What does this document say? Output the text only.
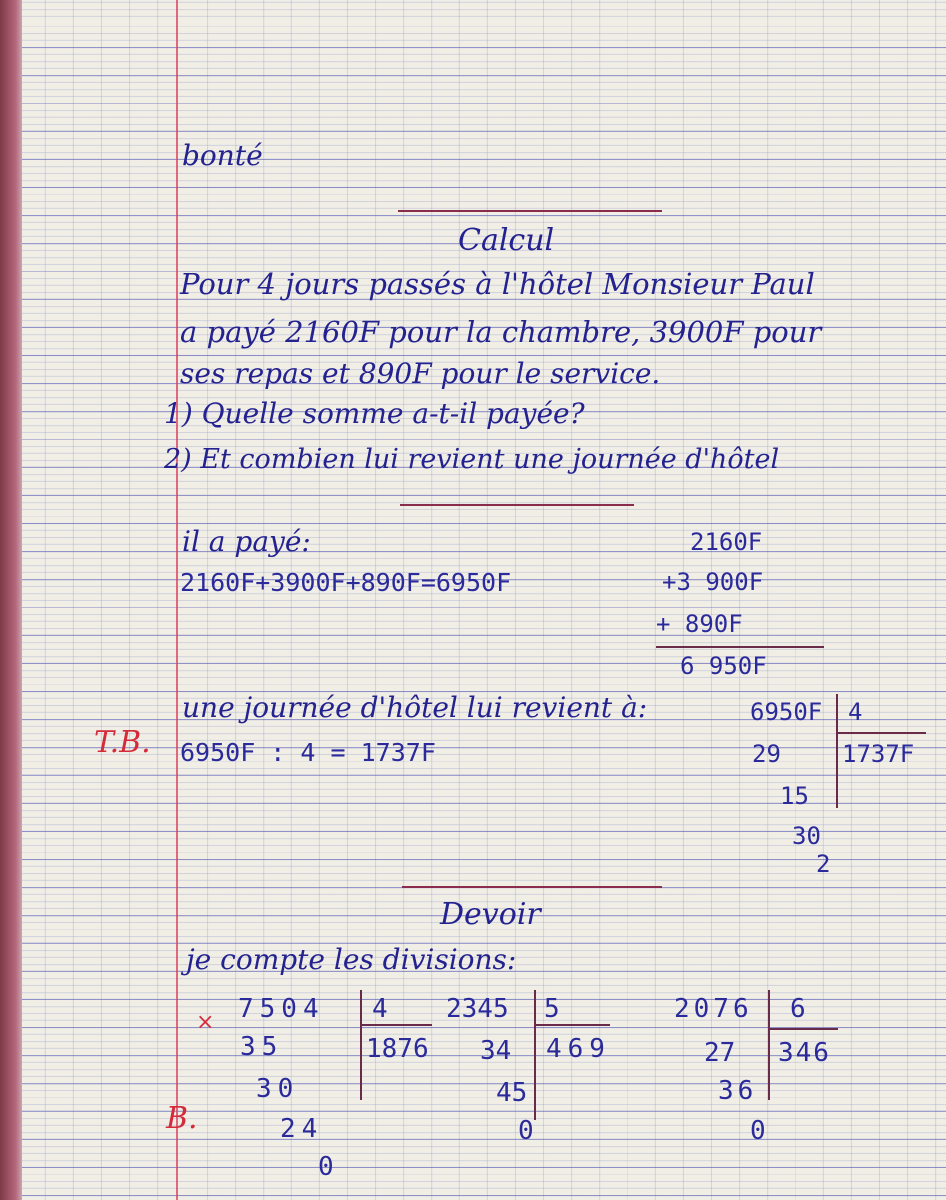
bonté

Calcul

Pour 4 jours passés à l'hôtel Monsieur Paul

a payé 2160F pour la chambre, 3900F pour

ses repas et 890F pour le service.

1) Quelle somme a-t-il payée?

2) Et combien lui revient une journée d'hôtel

il a payé:

2160F+3900F+890F=6950F

2160F

+3 900F

+ 890F

6 950F

une journée d'hôtel lui revient à:

T.B. 6950F : 4 = 1737F

6950F 4

1737F

29

15

30

2

Devoir

je compte les divisions:

×

B.

7504 4

1876

35

30

24

0

2345 5

469

34

45

0

2076 6

346

27

36

0
